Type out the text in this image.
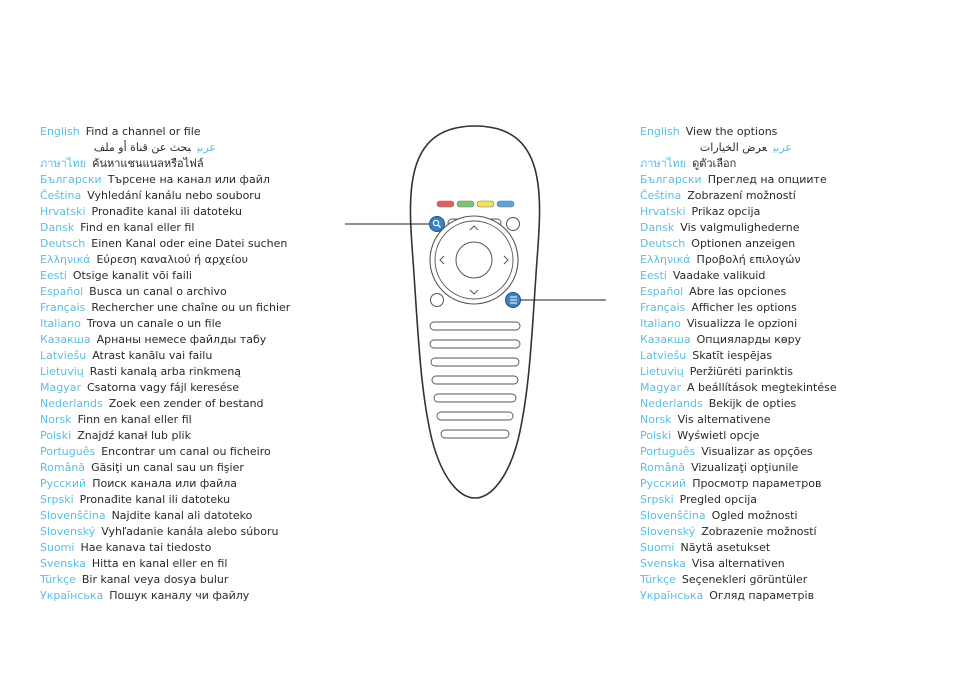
English Find a channel or file
عربيبحث عن قناة أو ملف
ภาษาไทย ค้นหาแชนแนลหรือไฟล์
Български Търсене на канал или файл
Čeština Vyhledání kanálu nebo souboru
Hrvatski Pronađite kanal ili datoteku
Dansk Find en kanal eller fil
Deutsch Einen Kanal oder eine Datei suchen
Ελληνικά Εύρεση καναλιού ή αρχείου
Eesti Otsige kanalit või faili
Español Busca un canal o archivo
Français Rechercher une chaîne ou un fichier
Italiano Trova un canale o un file
Казакша Арнаны немесе файлды табу
Latviešu Atrast kanālu vai failu
Lietuvių Rasti kanalą arba rinkmeną
Magyar Csatorna vagy fájl keresése
Nederlands Zoek een zender of bestand
Norsk Finn en kanal eller fil
Polski Znajdź kanał lub plik
Português Encontrar um canal ou ficheiro
Română Găsiţi un canal sau un fişier
Русский Поиск канала или файла
Srpski Pronađite kanal ili datoteku
Slovenščina Najdite kanal ali datoteko
Slovenský Vyhľadanie kanála alebo súboru
Suomi Hae kanava tai tiedosto
Svenska Hitta en kanal eller en fil
Türkçe Bir kanal veya dosya bulur
Українська Пошук каналу чи файлу
English View the options
عربيعرض الخيارات
ภาษาไทย ดูตัวเลือก
Български Преглед на опциите
Čeština Zobrazení možností
Hrvatski Prikaz opcija
Dansk Vis valgmulighederne
Deutsch Optionen anzeigen
Ελληνικά Προβολή επιλογών
Eesti Vaadake valikuid
Español Abre las opciones
Français Afficher les options
Italiano Visualizza le opzioni
Казакша Опцияларды көру
Latviešu Skatīt iespējas
Lietuvių Peržiūrėti parinktis
Magyar A beállítások megtekintése
Nederlands Bekijk de opties
Norsk Vis alternativene
Polski Wyświetl opcje
Português Visualizar as opções
Română Vizualizaţi opţiunile
Русский Просмотр параметров
Srpski Pregled opcija
Slovenščina Ogled možnosti
Slovenský Zobrazenie možností
Suomi Näytä asetukset
Svenska Visa alternativen
Türkçe Seçenekleri görüntüler
Українська Огляд параметрів
